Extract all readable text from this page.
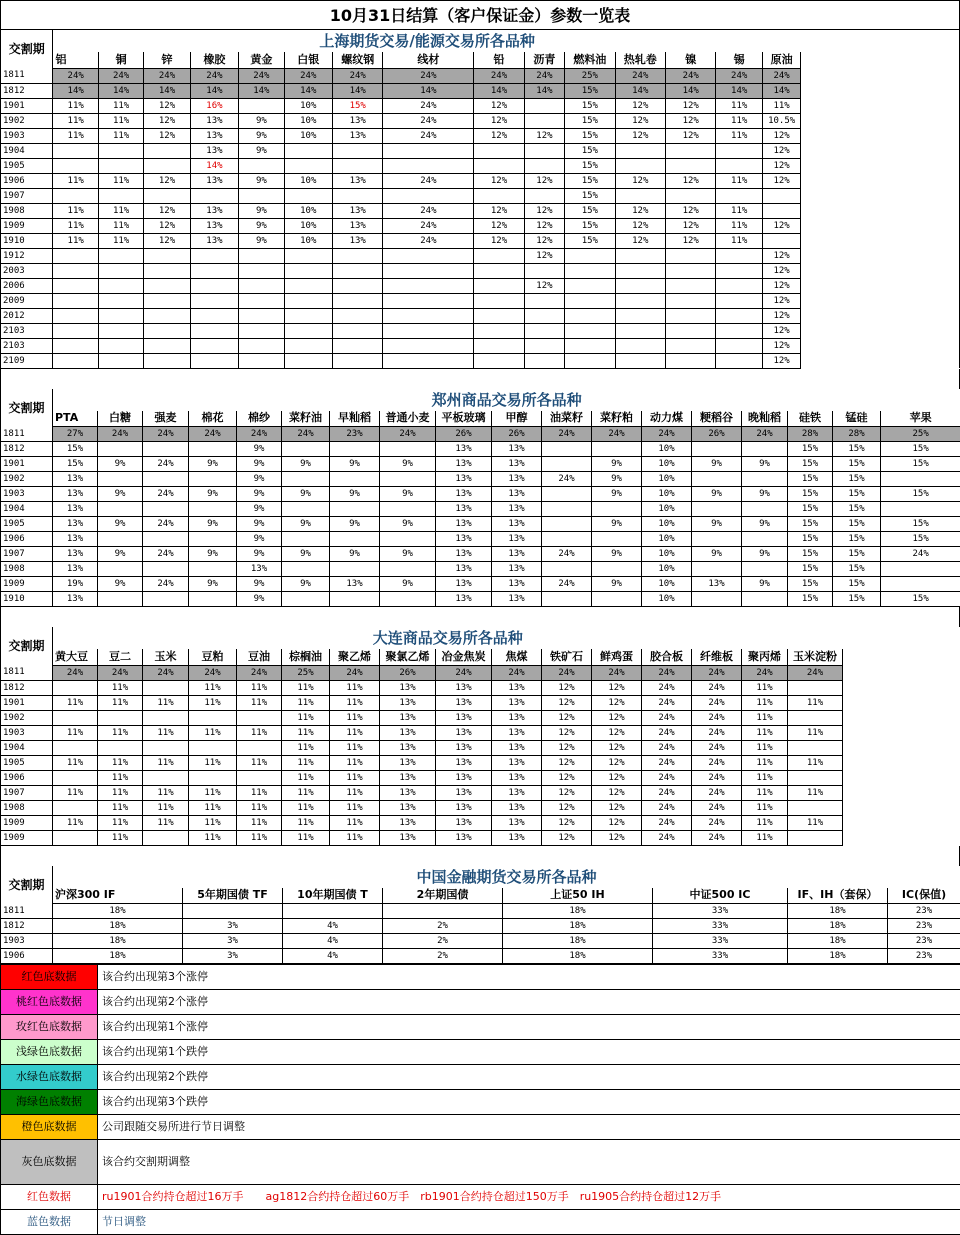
10月31日结算（客户保证金）参数一览表
交割期	上海期货交易/能源交易所各品种															
	铝	铜	锌	橡胶	黄金	白银	螺纹钢	线材	铅	沥青	燃料油	热轧卷	镍	锡	原油	
1811	24%	24%	24%	24%	24%	24%	24%	24%	24%	24%	25%	24%	24%	24%	24%	
1812	14%	14%	14%	14%	14%	14%	14%	14%	14%	14%	15%	14%	14%	14%	14%	
1901	11%	11%	12%	16%		10%	15%	24%	12%		15%	12%	12%	11%	11%	
1902	11%	11%	12%	13%	9%	10%	13%	24%	12%		15%	12%	12%	11%	10.5%	
1903	11%	11%	12%	13%	9%	10%	13%	24%	12%	12%	15%	12%	12%	11%	12%	
1904				13%	9%						15%				12%	
1905				14%							15%				12%	
1906	11%	11%	12%	13%	9%	10%	13%	24%	12%	12%	15%	12%	12%	11%	12%	
1907											15%					
1908	11%	11%	12%	13%	9%	10%	13%	24%	12%	12%	15%	12%	12%	11%		
1909	11%	11%	12%	13%	9%	10%	13%	24%	12%	12%	15%	12%	12%	11%	12%	
1910	11%	11%	12%	13%	9%	10%	13%	24%	12%	12%	15%	12%	12%	11%		
1912										12%					12%	
2003															12%	
2006										12%					12%	
2009															12%	
2012															12%	
2103															12%	
2103															12%	
2109															12%	
交割期	郑州商品交易所各品种																	
	PTA	白糖	强麦	棉花	棉纱	菜籽油	早籼稻	普通小麦	平板玻璃	甲醇	油菜籽	菜籽粕	动力煤	粳稻谷	晚籼稻	硅铁	锰硅	苹果
1811	27%	24%	24%	24%	24%	24%	23%	24%	26%	26%	24%	24%	24%	26%	24%	28%	28%	25%
1812	15%				9%				13%	13%			10%			15%	15%	15%
1901	15%	9%	24%	9%	9%	9%	9%	9%	13%	13%		9%	10%	9%	9%	15%	15%	15%
1902	13%				9%				13%	13%	24%	9%	10%			15%	15%	
1903	13%	9%	24%	9%	9%	9%	9%	9%	13%	13%		9%	10%	9%	9%	15%	15%	15%
1904	13%				9%				13%	13%			10%			15%	15%	
1905	13%	9%	24%	9%	9%	9%	9%	9%	13%	13%		9%	10%	9%	9%	15%	15%	15%
1906	13%				9%				13%	13%			10%			15%	15%	15%
1907	13%	9%	24%	9%	9%	9%	9%	9%	13%	13%	24%	9%	10%	9%	9%	15%	15%	24%
1908	13%				13%				13%	13%			10%			15%	15%	
1909	19%	9%	24%	9%	9%	9%	13%	9%	13%	13%	24%	9%	10%	13%	9%	15%	15%	
1910	13%				9%				13%	13%			10%			15%	15%	15%
交割期	大连商品交易所各品种																
	黄大豆	豆二	玉米	豆粕	豆油	棕榈油	聚乙烯	聚氯乙烯	冶金焦炭	焦煤	铁矿石	鲜鸡蛋	胶合板	纤维板	聚丙烯	玉米淀粉	
1811	24%	24%	24%	24%	24%	25%	24%	26%	24%	24%	24%	24%	24%	24%	24%	24%	
1812		11%		11%	11%	11%	11%	13%	13%	13%	12%	12%	24%	24%	11%		
1901	11%	11%	11%	11%	11%	11%	11%	13%	13%	13%	12%	12%	24%	24%	11%	11%	
1902						11%	11%	13%	13%	13%	12%	12%	24%	24%	11%		
1903	11%	11%	11%	11%	11%	11%	11%	13%	13%	13%	12%	12%	24%	24%	11%	11%	
1904						11%	11%	13%	13%	13%	12%	12%	24%	24%	11%		
1905	11%	11%	11%	11%	11%	11%	11%	13%	13%	13%	12%	12%	24%	24%	11%	11%	
1906		11%				11%	11%	13%	13%	13%	12%	12%	24%	24%	11%		
1907	11%	11%	11%	11%	11%	11%	11%	13%	13%	13%	12%	12%	24%	24%	11%	11%	
1908		11%	11%	11%	11%	11%	11%	13%	13%	13%	12%	12%	24%	24%	11%		
1909	11%	11%	11%	11%	11%	11%	11%	13%	13%	13%	12%	12%	24%	24%	11%	11%	
1909		11%		11%	11%	11%	11%	13%	13%	13%	12%	12%	24%	24%	11%		
交割期	中国金融期货交易所各品种							
	沪深300 IF	5年期国债 TF	10年期国债 T	2年期国债	上证50 IH	中证500 IC	IF、IH（套保）	IC(保值)
1811	18%				18%	33%	18%	23%
1812	18%	3%	4%	2%	18%	33%	18%	23%
1903	18%	3%	4%	2%	18%	33%	18%	23%
1906	18%	3%	4%	2%	18%	33%	18%	23%
红色底数据	该合约出现第3个涨停
桃红色底数据	该合约出现第2个涨停
玫红色底数据	该合约出现第1个涨停
浅绿色底数据	该合约出现第1个跌停
水绿色底数据	该合约出现第2个跌停
海绿色底数据	该合约出现第3个跌停
橙色底数据	公司跟随交易所进行节日调整
灰色底数据	该合约交割期调整
红色数据	ru1901合约持仓超过16万手　　ag1812合约持仓超过60万手　rb1901合约持仓超过150万手　ru1905合约持仓超过12万手
蓝色数据	节日调整
